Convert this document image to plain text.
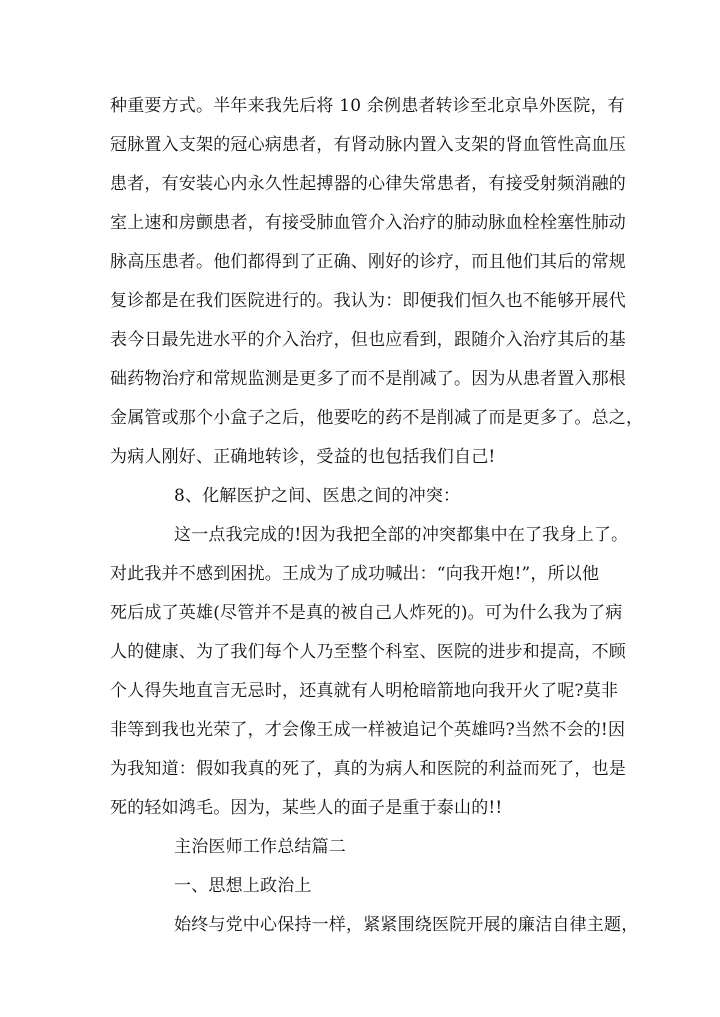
种重要方式。半年来我先后将 10 余例患者转诊至北京阜外医院，有
冠脉置入支架的冠心病患者，有肾动脉内置入支架的肾血管性高血压
患者，有安装心内永久性起搏器的心律失常患者，有接受射频消融的
室上速和房颤患者，有接受肺血管介入治疗的肺动脉血栓栓塞性肺动
脉高压患者。他们都得到了正确、刚好的诊疗，而且他们其后的常规
复诊都是在我们医院进行的。我认为：即便我们恒久也不能够开展代
表今日最先进水平的介入治疗，但也应看到，跟随介入治疗其后的基
础药物治疗和常规监测是更多了而不是削减了。因为从患者置入那根
金属管或那个小盒子之后，他要吃的药不是削减了而是更多了。总之，
为病人刚好、正确地转诊，受益的也包括我们自己!
8、化解医护之间、医患之间的冲突：
这一点我完成的!因为我把全部的冲突都集中在了我身上了。
对此我并不感到困扰。王成为了成功喊出：“向我开炮!”，所以他
死后成了英雄(尽管并不是真的被自己人炸死的)。可为什么我为了病
人的健康、为了我们每个人乃至整个科室、医院的进步和提高，不顾
个人得失地直言无忌时，还真就有人明枪暗箭地向我开火了呢?莫非
非等到我也光荣了，才会像王成一样被追记个英雄吗?当然不会的!因
为我知道：假如我真的死了，真的为病人和医院的利益而死了，也是
死的轻如鸿毛。因为，某些人的面子是重于泰山的!!
主治医师工作总结篇二
一、思想上政治上
始终与党中心保持一样，紧紧围绕医院开展的廉洁自律主题，
